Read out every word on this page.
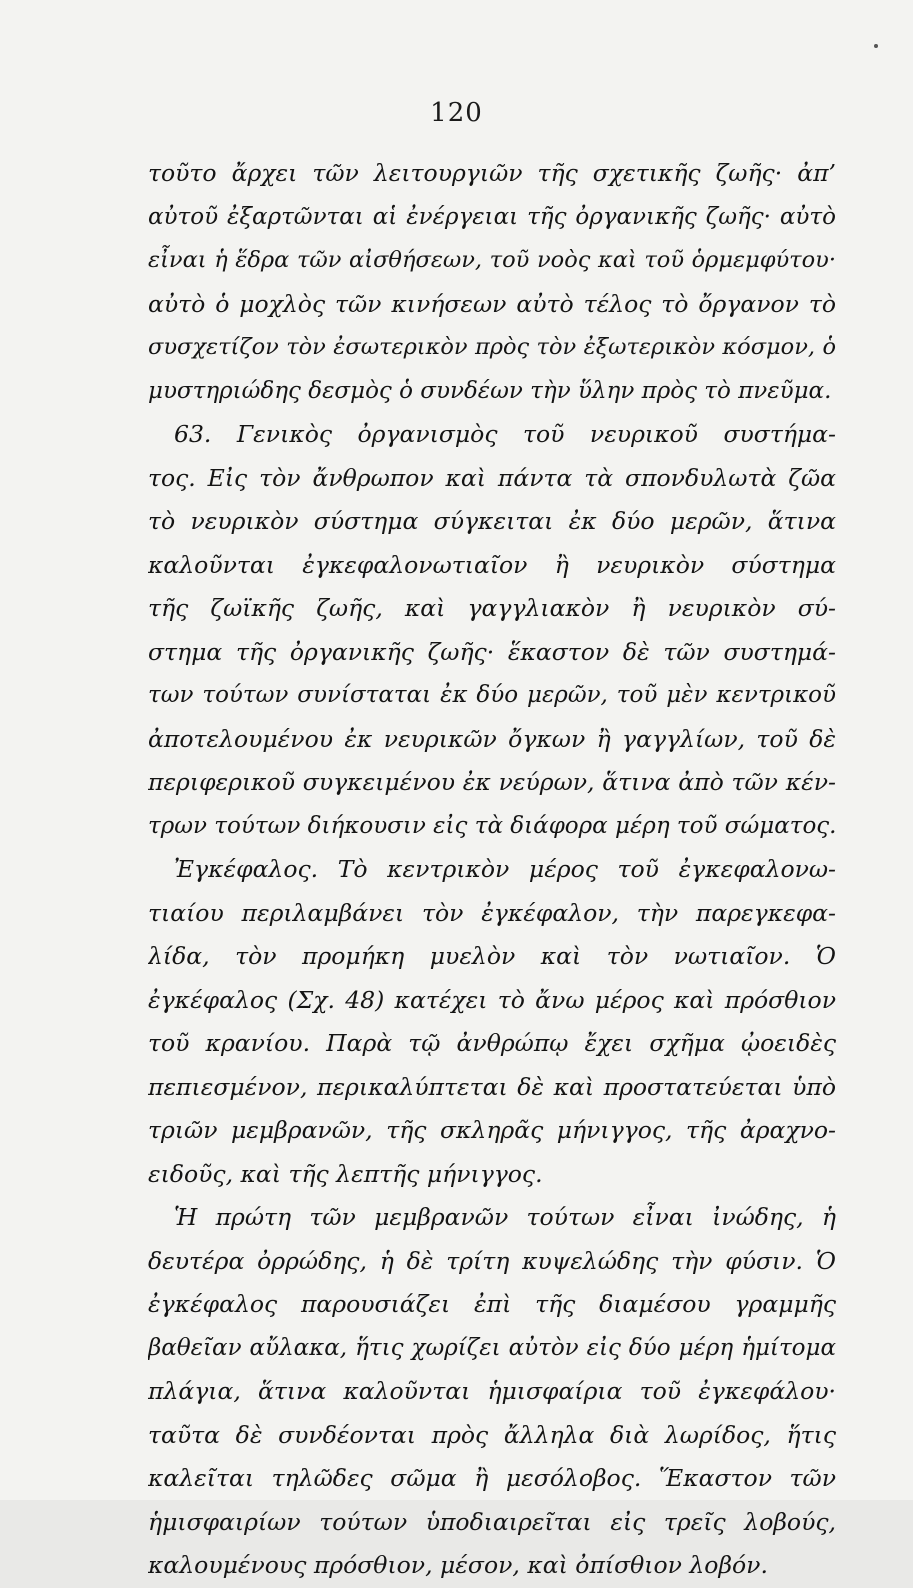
120
τοῦτο ἄρχει τῶν λειτουργιῶν τῆς σχετικῆς ζωῆς· ἀπ’
αὐτοῦ ἐξαρτῶνται αἱ ἐνέργειαι τῆς ὀργανικῆς ζωῆς· αὐτὸ
εἶναι ἡ ἕδρα τῶν αἰσθήσεων, τοῦ νοὸς καὶ τοῦ ὁρμεμφύτου·
αὐτὸ ὁ μοχλὸς τῶν κινήσεων αὐτὸ τέλος τὸ ὄργανον τὸ
συσχετίζον τὸν ἐσωτερικὸν πρὸς τὸν ἐξωτερικὸν κόσμον, ὁ
μυστηριώδης δεσμὸς ὁ συνδέων τὴν ὕλην πρὸς τὸ πνεῦμα.
63. Γενικὸς ὀργανισμὸς τοῦ νευρικοῦ συστήμα-
τος. Εἰς τὸν ἄνθρωπον καὶ πάντα τὰ σπονδυλωτὰ ζῶα
τὸ νευρικὸν σύστημα σύγκειται ἐκ δύο μερῶν, ἅτινα
καλοῦνται ἐγκεφαλονωτιαῖον ἢ νευρικὸν σύστημα
τῆς ζωϊκῆς ζωῆς, καὶ γαγγλιακὸν ἢ νευρικὸν σύ-
στημα τῆς ὀργανικῆς ζωῆς· ἕκαστον δὲ τῶν συστημά-
των τούτων συνίσταται ἐκ δύο μερῶν, τοῦ μὲν κεντρικοῦ
ἀποτελουμένου ἐκ νευρικῶν ὄγκων ἢ γαγγλίων, τοῦ δὲ
περιφερικοῦ συγκειμένου ἐκ νεύρων, ἅτινα ἀπὸ τῶν κέν-
τρων τούτων διήκουσιν εἰς τὰ διάφορα μέρη τοῦ σώματος.
Ἐγκέφαλος. Τὸ κεντρικὸν μέρος τοῦ ἐγκεφαλονω-
τιαίου περιλαμβάνει τὸν ἐγκέφαλον, τὴν παρεγκεφα-
λίδα, τὸν προμήκη μυελὸν καὶ τὸν νωτιαῖον. Ὁ
ἐγκέφαλος (Σχ. 48) κατέχει τὸ ἄνω μέρος καὶ πρόσθιον
τοῦ κρανίου. Παρὰ τῷ ἀνθρώπῳ ἔχει σχῆμα ᾠοειδὲς
πεπιεσμένον, περικαλύπτεται δὲ καὶ προστατεύεται ὑπὸ
τριῶν μεμβρανῶν, τῆς σκληρᾶς μήνιγγος, τῆς ἀραχνο-
ειδοῦς, καὶ τῆς λεπτῆς μήνιγγος.
Ἡ πρώτη τῶν μεμβρανῶν τούτων εἶναι ἰνώδης, ἡ
δευτέρα ὀρρώδης, ἡ δὲ τρίτη κυψελώδης τὴν φύσιν. Ὁ
ἐγκέφαλος παρουσιάζει ἐπὶ τῆς διαμέσου γραμμῆς
βαθεῖαν αὔλακα, ἥτις χωρίζει αὐτὸν εἰς δύο μέρη ἡμίτομα
πλάγια, ἅτινα καλοῦνται ἡμισφαίρια τοῦ ἐγκεφάλου·
ταῦτα δὲ συνδέονται πρὸς ἄλληλα διὰ λωρίδος, ἥτις
καλεῖται τηλῶδες σῶμα ἢ μεσόλοβος. Ἕκαστον τῶν
ἡμισφαιρίων τούτων ὑποδιαιρεῖται εἰς τρεῖς λοβούς,
καλουμένους πρόσθιον, μέσον, καὶ ὀπίσθιον λοβόν.
